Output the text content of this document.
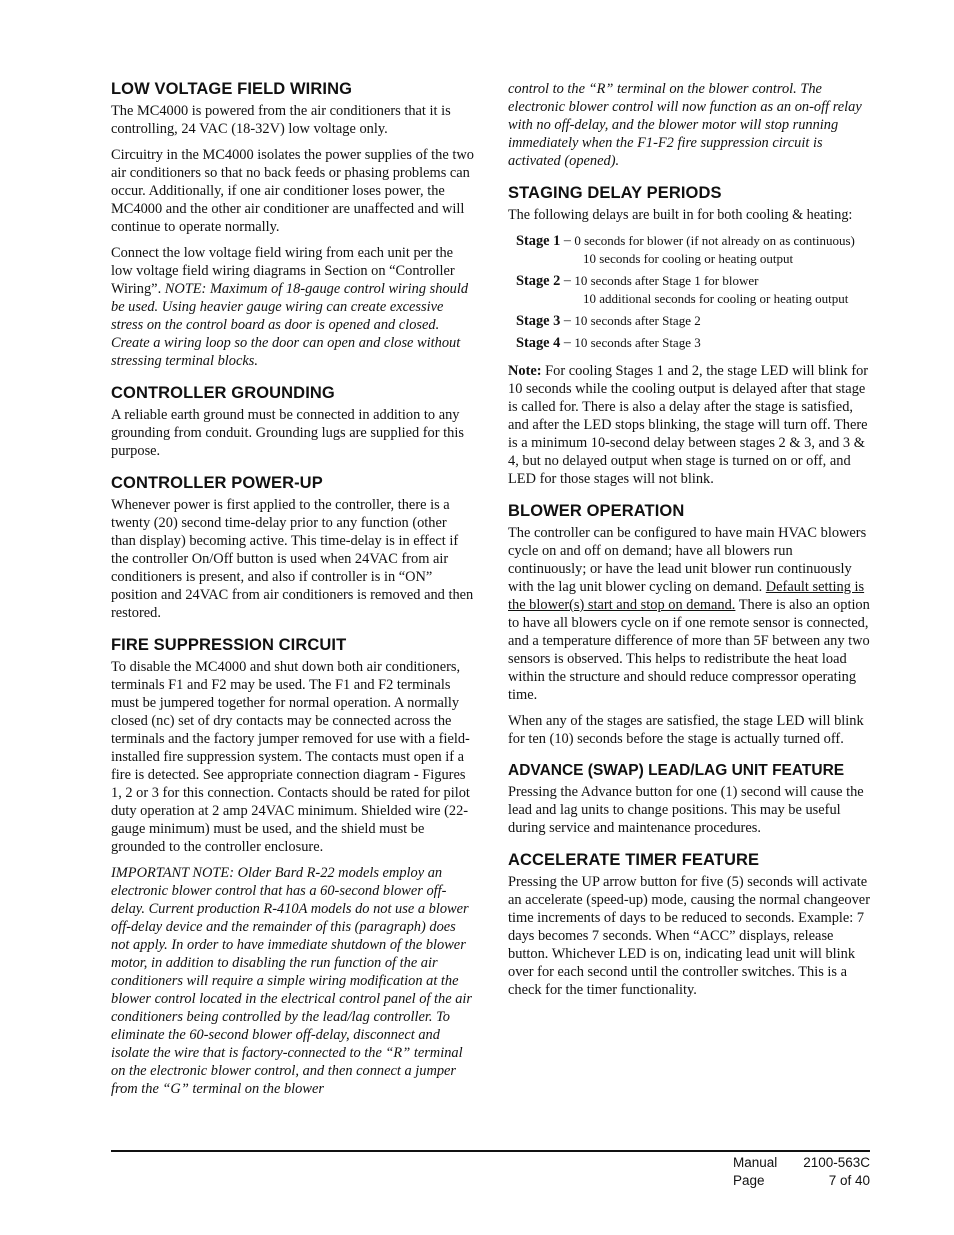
LOW VOLTAGE FIELD WIRING

The MC4000 is powered from the air conditioners that it is controlling, 24 VAC (18-32V) low voltage only.

Circuitry in the MC4000 isolates the power supplies of the two air conditioners so that no back feeds or phasing problems can occur. Additionally, if one air conditioner loses power, the MC4000 and the other air conditioner are unaffected and will continue to operate normally.

Connect the low voltage field wiring from each unit per the low voltage field wiring diagrams in Section on “Controller Wiring”. NOTE: Maximum of 18-gauge control wiring should be used. Using heavier gauge wiring can create excessive stress on the control board as door is opened and closed. Create a wiring loop so the door can open and close without stressing terminal blocks.

CONTROLLER GROUNDING

A reliable earth ground must be connected in addition to any grounding from conduit. Grounding lugs are supplied for this purpose.

CONTROLLER POWER-UP

Whenever power is first applied to the controller, there is a twenty (20) second time-delay prior to any function (other than display) becoming active. This time-delay is in effect if the controller On/Off button is used when 24VAC from air conditioners is present, and also if controller is in “ON” position and 24VAC from air conditioners is removed and then restored.

FIRE SUPPRESSION CIRCUIT

To disable the MC4000 and shut down both air conditioners, terminals F1 and F2 may be used. The F1 and F2 terminals must be jumpered together for normal operation. A normally closed (nc) set of dry contacts may be connected across the terminals and the factory jumper removed for use with a field-installed fire suppression system. The contacts must open if a fire is detected. See appropriate connection diagram - Figures 1, 2 or 3 for this connection. Contacts should be rated for pilot duty operation at 2 amp 24VAC minimum. Shielded wire (22-gauge minimum) must be used, and the shield must be grounded to the controller enclosure.

IMPORTANT NOTE: Older Bard R-22 models employ an electronic blower control that has a 60-second blower off-delay. Current production R-410A models do not use a blower off-delay device and the remainder of this (paragraph) does not apply. In order to have immediate shutdown of the blower motor, in addition to disabling the run function of the air conditioners will require a simple wiring modification at the blower control located in the electrical control panel of the air conditioners being controlled by the lead/lag controller. To eliminate the 60-second blower off-delay, disconnect and isolate the wire that is factory-connected to the “R” terminal on the electronic blower control, and then connect a jumper from the “G” terminal on the blower

control to the “R” terminal on the blower control. The electronic blower control will now function as an on-off relay with no off-delay, and the blower motor will stop running immediately when the F1-F2 fire suppression circuit is activated (opened).

STAGING DELAY PERIODS

The following delays are built in for both cooling & heating:

Stage 1 – 0 seconds for blower (if not already on as continuous)
10 seconds for cooling or heating output
Stage 2 – 10 seconds after Stage 1 for blower
10 additional seconds for cooling or heating output
Stage 3 – 10 seconds after Stage 2
Stage 4 – 10 seconds after Stage 3

Note: For cooling Stages 1 and 2, the stage LED will blink for 10 seconds while the cooling output is delayed after that stage is called for. There is also a delay after the stage is satisfied, and after the LED stops blinking, the stage will turn off. There is a minimum 10-second delay between stages 2 & 3, and 3 & 4, but no delayed output when stage is turned on or off, and LED for those stages will not blink.

BLOWER OPERATION

The controller can be configured to have main HVAC blowers cycle on and off on demand; have all blowers run continuously; or have the lead unit blower run continuously with the lag unit blower cycling on demand. Default setting is the blower(s) start and stop on demand. There is also an option to have all blowers cycle on if one remote sensor is connected, and a temperature difference of more than 5F between any two sensors is observed. This helps to redistribute the heat load within the structure and should reduce compressor operating time.

When any of the stages are satisfied, the stage LED will blink for ten (10) seconds before the stage is actually turned off.

ADVANCE (SWAP) LEAD/LAG UNIT FEATURE

Pressing the Advance button for one (1) second will cause the lead and lag units to change positions. This may be useful during service and maintenance procedures.

ACCELERATE TIMER FEATURE

Pressing the UP arrow button for five (5) seconds will activate an accelerate (speed-up) mode, causing the normal changeover time increments of days to be reduced to seconds. Example: 7 days becomes 7 seconds. When “ACC” displays, release button. Whichever LED is on, indicating lead unit will blink over for each second until the controller switches. This is a check for the timer functionality.

Manual
Page
2100-563C
7 of 40
